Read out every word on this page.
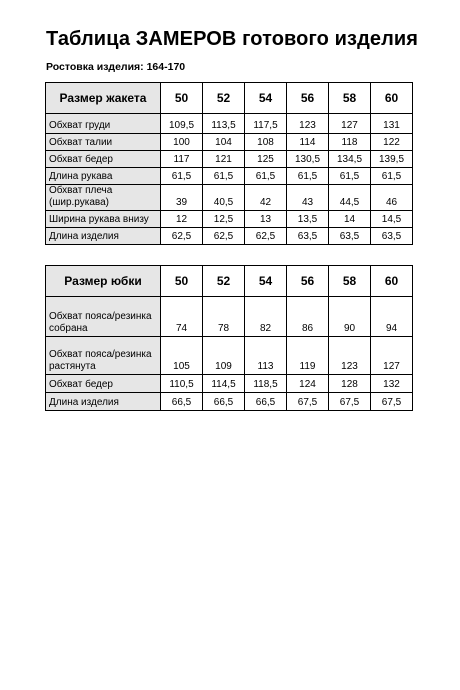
Таблица ЗАМЕРОВ готового изделия
Ростовка изделия: 164-170
Размер жакета	50	52	54	56	58	60
Обхват груди	109,5	113,5	117,5	123	127	131
Обхват талии	100	104	108	114	118	122
Обхват бедер	117	121	125	130,5	134,5	139,5
Длина рукава	61,5	61,5	61,5	61,5	61,5	61,5
Обхват плеча (шир.рукава)	39	40,5	42	43	44,5	46
Ширина рукава внизу	12	12,5	13	13,5	14	14,5
Длина изделия	62,5	62,5	62,5	63,5	63,5	63,5
Размер юбки	50	52	54	56	58	60
Обхват пояса/резинка собрана	74	78	82	86	90	94
Обхват пояса/резинка растянута	105	109	113	119	123	127
Обхват бедер	110,5	114,5	118,5	124	128	132
Длина изделия	66,5	66,5	66,5	67,5	67,5	67,5
